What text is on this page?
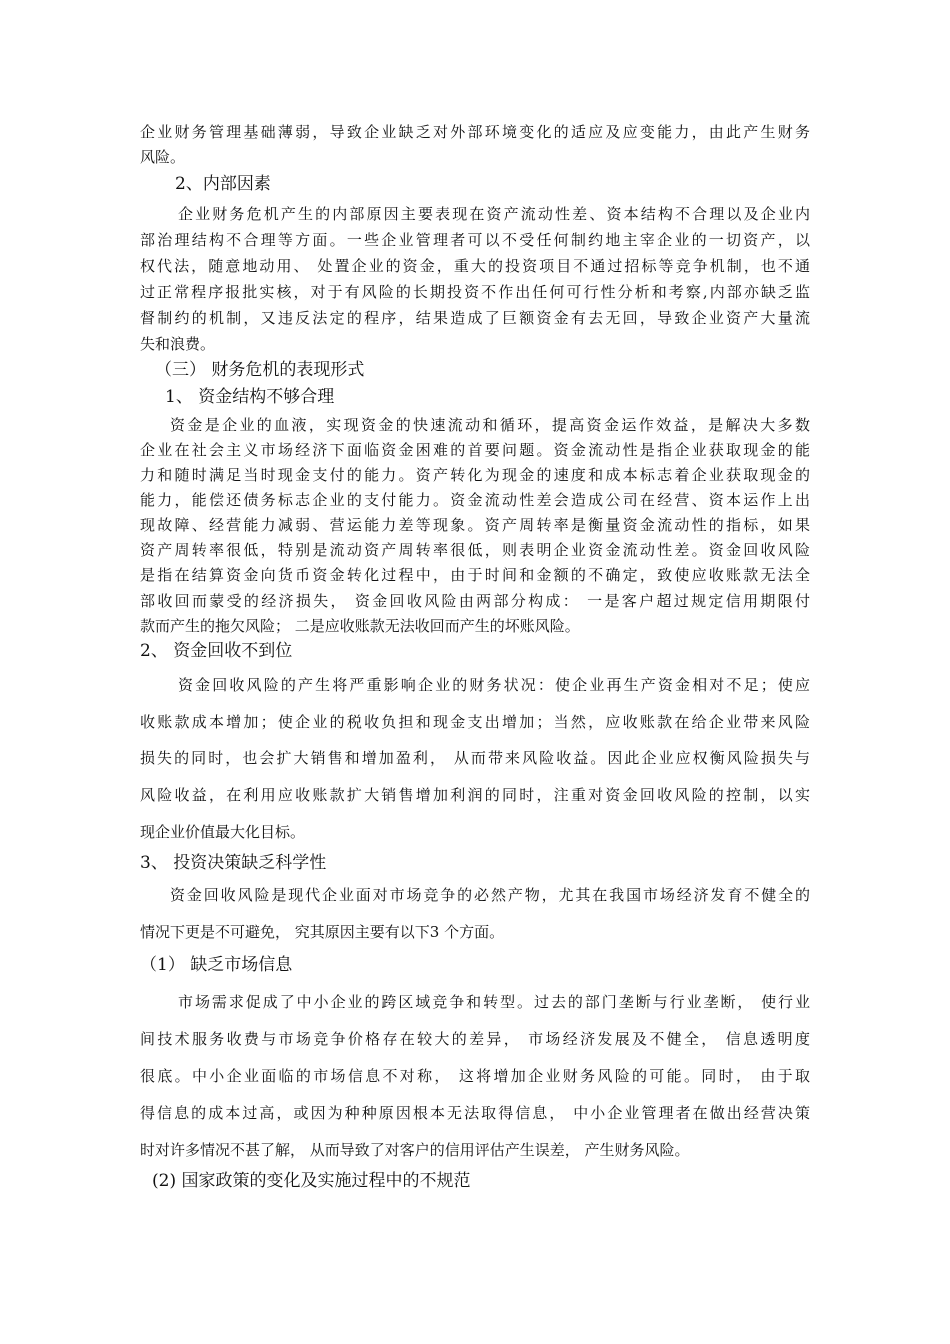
企业财务管理基础薄弱，导致企业缺乏对外部环境变化的适应及应变能力，由此产生财务

风险。

2、内部因素

企业财务危机产生的内部原因主要表现在资产流动性差、资本结构不合理以及企业内

部治理结构不合理等方面。一些企业管理者可以不受任何制约地主宰企业的一切资产，以

权代法，随意地动用、 处置企业的资金，重大的投资项目不通过招标等竞争机制，也不通

过正常程序报批实核，对于有风险的长期投资不作出任何可行性分析和考察,内部亦缺乏监

督制约的机制，又违反法定的程序，结果造成了巨额资金有去无回，导致企业资产大量流

失和浪费。

（三） 财务危机的表现形式

1、 资金结构不够合理

资金是企业的血液，实现资金的快速流动和循环，提高资金运作效益，是解决大多数

企业在社会主义市场经济下面临资金困难的首要问题。资金流动性是指企业获取现金的能

力和随时满足当时现金支付的能力。资产转化为现金的速度和成本标志着企业获取现金的

能力，能偿还债务标志企业的支付能力。资金流动性差会造成公司在经营、资本运作上出

现故障、经营能力减弱、营运能力差等现象。资产周转率是衡量资金流动性的指标，如果

资产周转率很低，特别是流动资产周转率很低，则表明企业资金流动性差。资金回收风险

是指在结算资金向货币资金转化过程中，由于时间和金额的不确定，致使应收账款无法全

部收回而蒙受的经济损失， 资金回收风险由两部分构成： 一是客户超过规定信用期限付

款而产生的拖欠风险； 二是应收账款无法收回而产生的坏账风险。

2、 资金回收不到位

资金回收风险的产生将严重影响企业的财务状况：使企业再生产资金相对不足；使应

收账款成本增加；使企业的税收负担和现金支出增加；当然，应收账款在给企业带来风险

损失的同时，也会扩大销售和增加盈利， 从而带来风险收益。因此企业应权衡风险损失与

风险收益，在利用应收账款扩大销售增加利润的同时，注重对资金回收风险的控制，以实

现企业价值最大化目标。

3、 投资决策缺乏科学性

资金回收风险是现代企业面对市场竞争的必然产物，尤其在我国市场经济发育不健全的

情况下更是不可避免， 究其原因主要有以下3 个方面。

（1） 缺乏市场信息

市场需求促成了中小企业的跨区域竞争和转型。过去的部门垄断与行业垄断， 使行业

间技术服务收费与市场竞争价格存在较大的差异， 市场经济发展及不健全， 信息透明度

很底。中小企业面临的市场信息不对称， 这将增加企业财务风险的可能。同时， 由于取

得信息的成本过高，或因为种种原因根本无法取得信息， 中小企业管理者在做出经营决策

时对许多情况不甚了解， 从而导致了对客户的信用评估产生误差， 产生财务风险。

(2) 国家政策的变化及实施过程中的不规范
